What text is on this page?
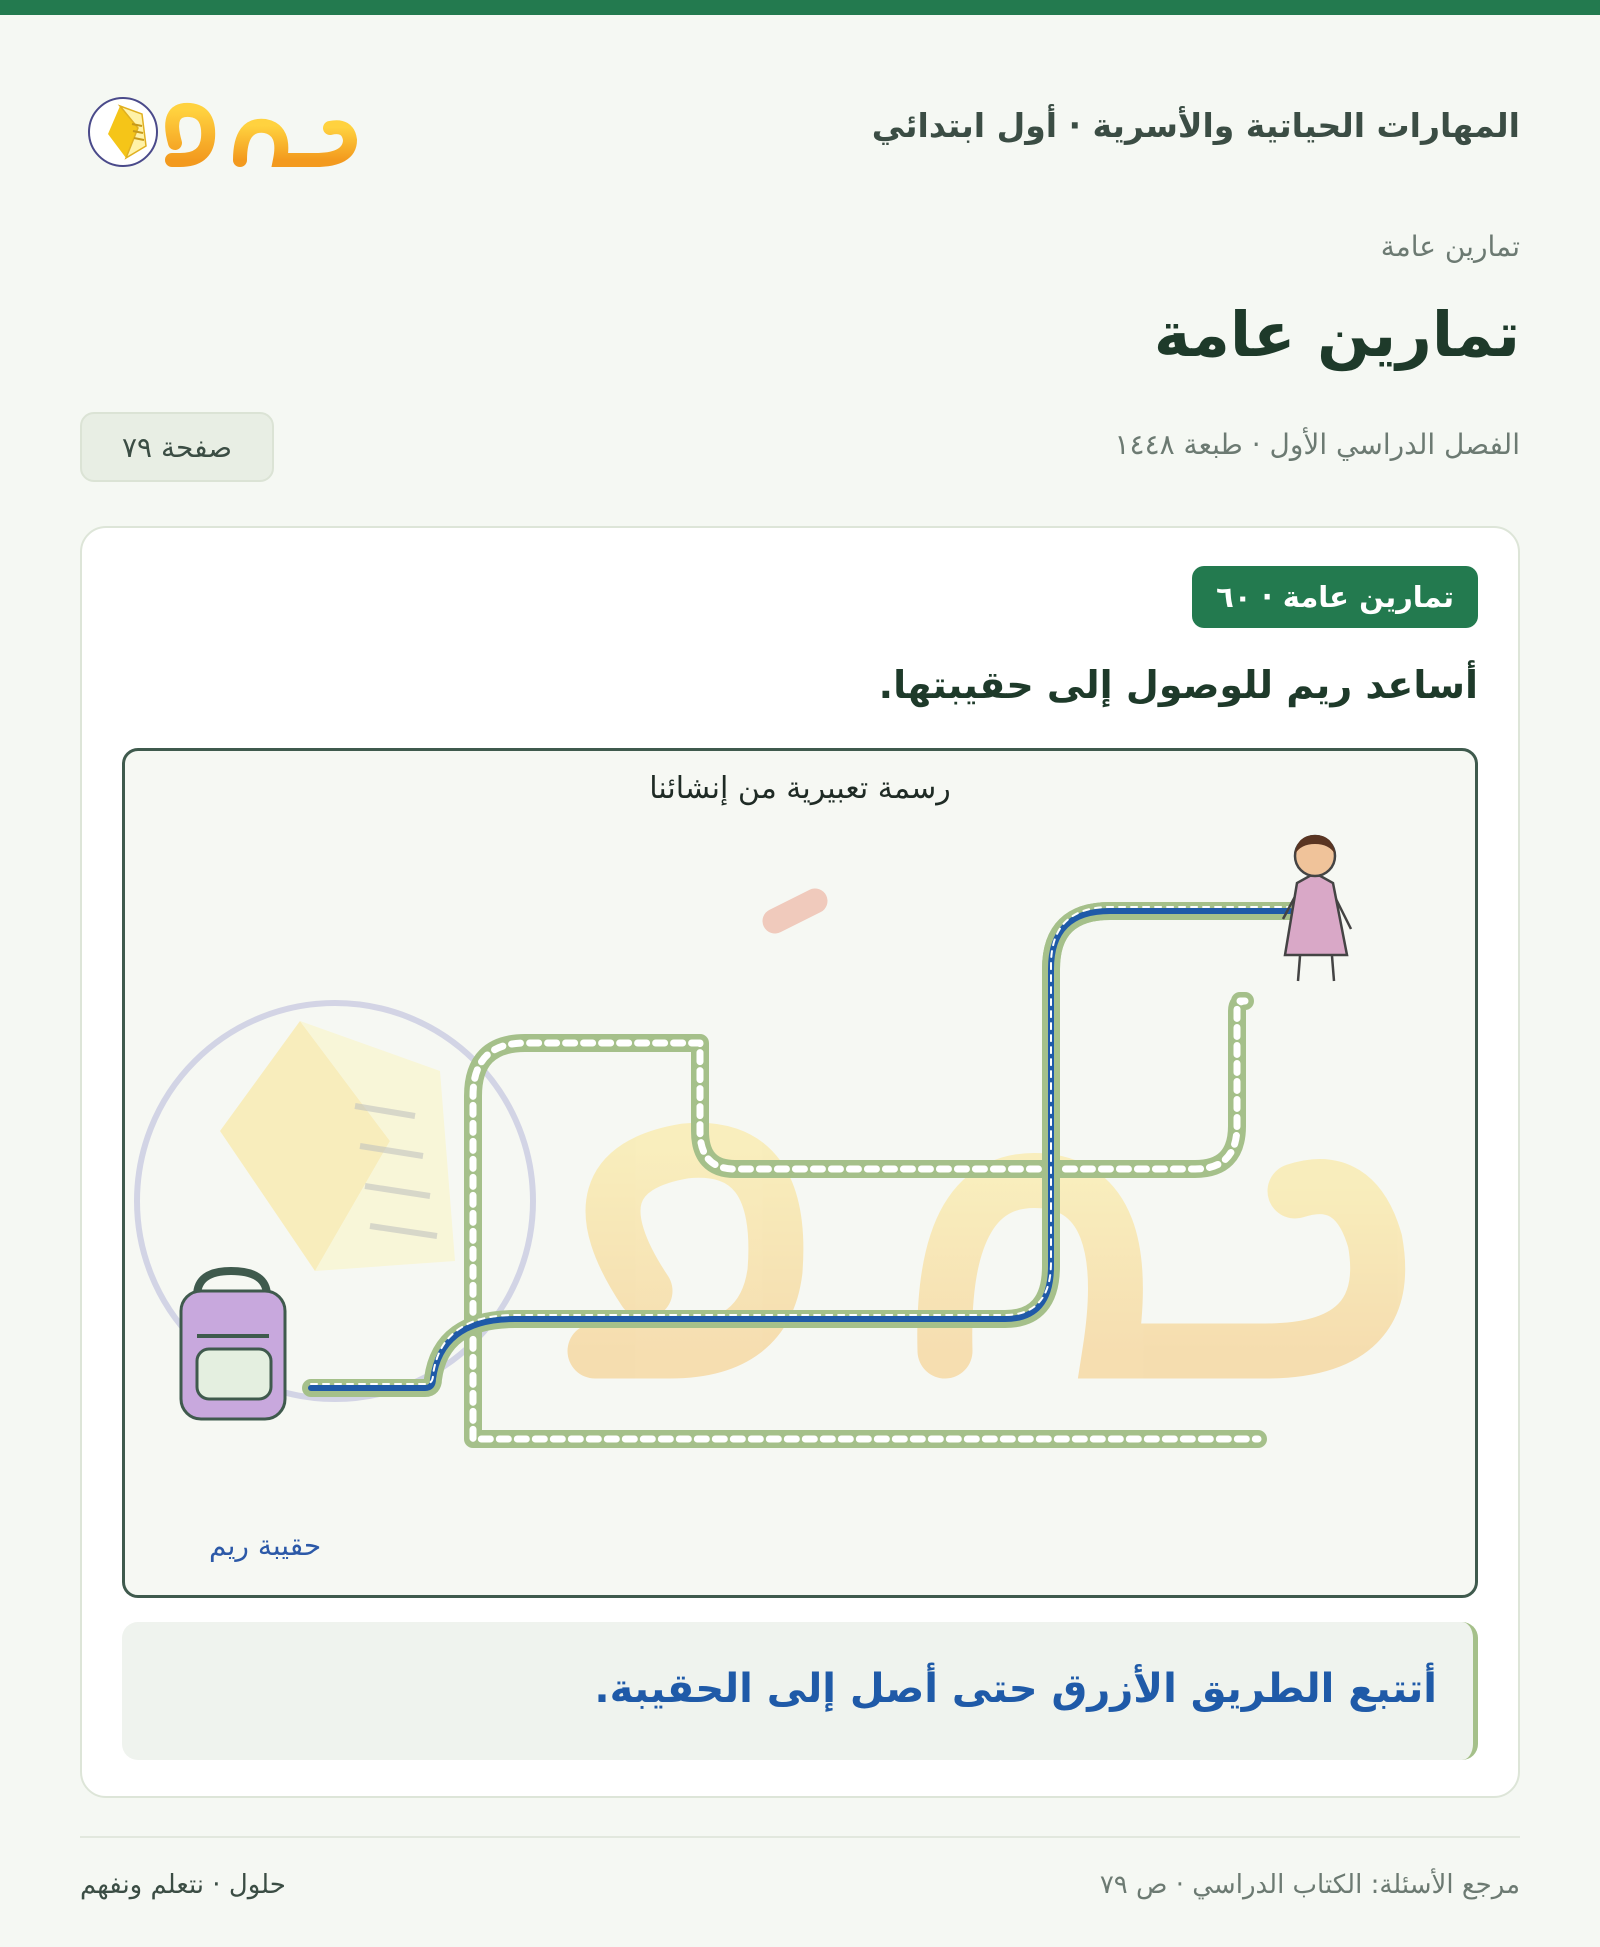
المهارات الحياتية والأسرية · أول ابتدائي
حلول
تمارين عامة
تمارين عامة
الفصل الدراسي الأول · طبعة ١٤٤٨
صفحة ٧٩
تمارين عامة · ٦٠
أساعد ريم للوصول إلى حقيبتها.
رسمة تعبيرية من إنشائنا
حقيبة ريم
أتتبع الطريق الأزرق حتى أصل إلى الحقيبة.
مرجع الأسئلة: الكتاب الدراسي · ص ٧٩
حلول · نتعلم ونفهم
